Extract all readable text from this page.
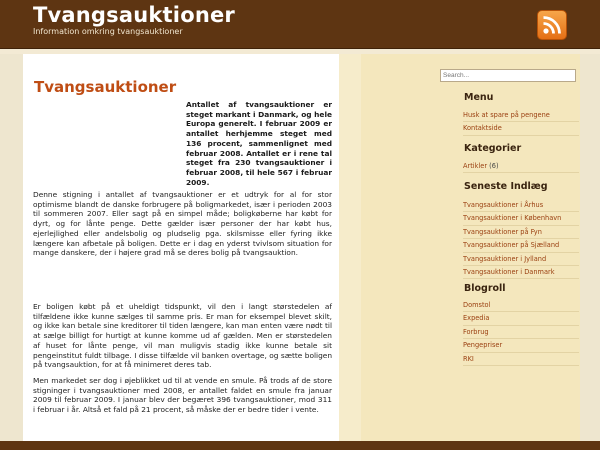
Tvangsauktioner
Information omkring tvangsauktioner
Tvangsauktioner

Antallet af tvangsauktioner er steget markant i Danmark, og hele Europa generelt. I februar 2009 er antallet herhjemme steget med 136 procent, sammenlignet med februar 2008. Antallet er i rene tal steget fra 230 tvangsauktioner i februar 2008, til hele 567 i februar 2009.

Denne stigning i antallet af tvangsauktioner er et udtryk for al for stor optimisme blandt de danske forbrugere på boligmarkedet, især i perioden 2003 til sommeren 2007. Eller sagt på en simpel måde; boligkøberne har købt for dyrt, og for lånte penge. Dette gælder især personer der har købt hus, ejerlejlighed eller andelsbolig og pludselig pga. skilsmisse eller fyring ikke længere kan afbetale på boligen. Dette er i dag en yderst tvivlsom situation for mange danskere, der i højere grad må se deres bolig på tvangsauktion.

Er boligen købt på et uheldigt tidspunkt, vil den i langt størstedelen af tilfældene ikke kunne sælges til samme pris. Er man for eksempel blevet skilt, og ikke kan betale sine kreditorer til tiden længere, kan man enten være nødt til at sælge billigt for hurtigt at kunne komme ud af gælden. Men er størstedelen af huset for lånte penge, vil man muligvis stadig ikke kunne betale sit pengeinstitut fuldt tilbage. I disse tilfælde vil banken overtage, og sætte boligen på tvangsauktion, for at få minimeret deres tab.

Men markedet ser dog i øjeblikket ud til at vende en smule. På trods af de store stigninger i tvangsauktioner med 2008, er antallet faldet en smule fra januar 2009 til februar 2009. I januar blev der begæret 396 tvangsauktioner, mod 311 i februar i år. Altså et fald på 21 procent, så måske der er bedre tider i vente.

Search...
Menu
Husk at spare på pengene
Kontaktside
Kategorier
Artikler (6)
Seneste Indlæg
Tvangsauktioner i Århus
Tvangsauktioner i København
Tvangsauktioner på Fyn
Tvangsauktioner på Sjælland
Tvangsauktioner i Jylland
Tvangsauktioner i Danmark
Blogroll
Domstol
Expedia
Forbrug
Pengepriser
RKI
